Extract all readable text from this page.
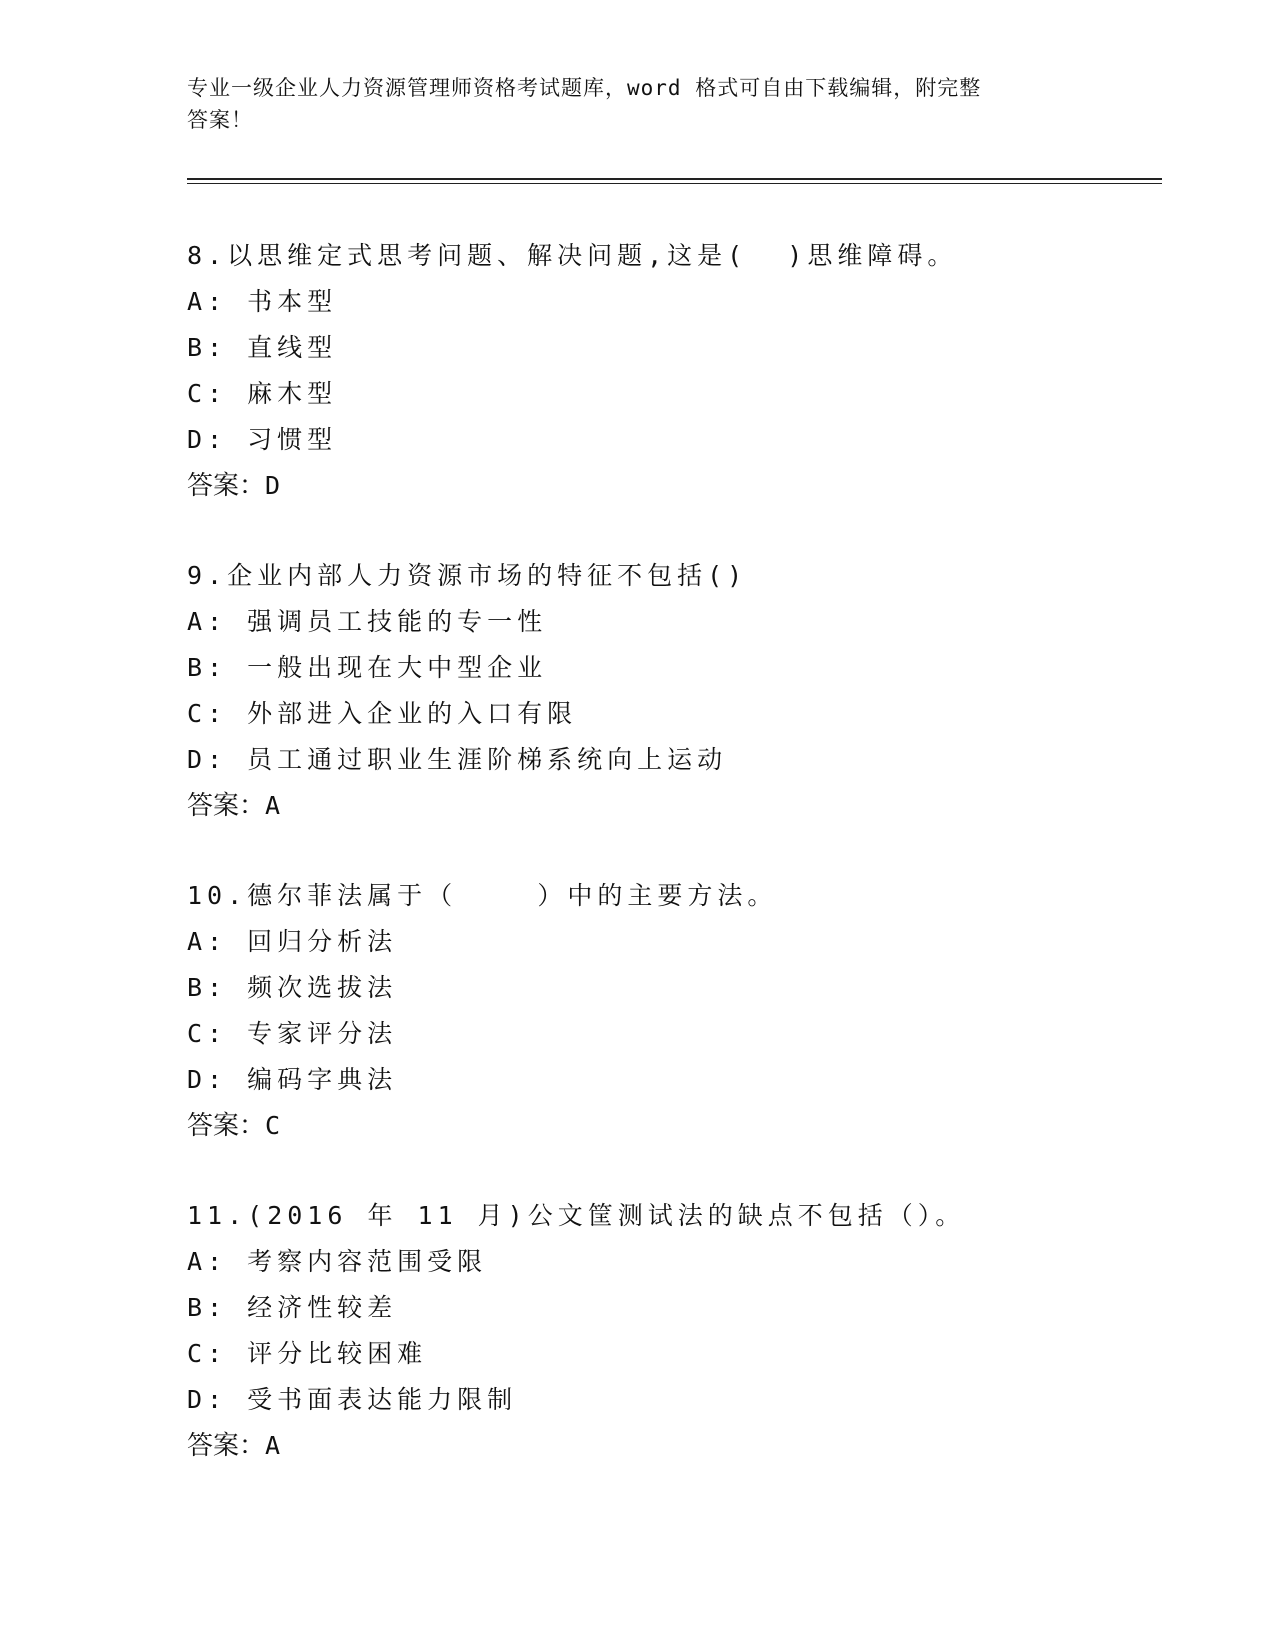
专业一级企业人力资源管理师资格考试题库，word 格式可自由下载编辑，附完整
答案！
8.以思维定式思考问题、解决问题,这是(  )思维障碍。
A: 书本型
B: 直线型
C: 麻木型
D: 习惯型
答案：D
9.企业内部人力资源市场的特征不包括()
A: 强调员工技能的专一性
B: 一般出现在大中型企业
C: 外部进入企业的入口有限
D: 员工通过职业生涯阶梯系统向上运动
答案：A
10.德尔菲法属于（    ）中的主要方法。
A: 回归分析法
B: 频次选拔法
C: 专家评分法
D: 编码字典法
答案：C
11.(2016 年 11 月)公文筐测试法的缺点不包括（）。
A: 考察内容范围受限
B: 经济性较差
C: 评分比较困难
D: 受书面表达能力限制
答案：A
